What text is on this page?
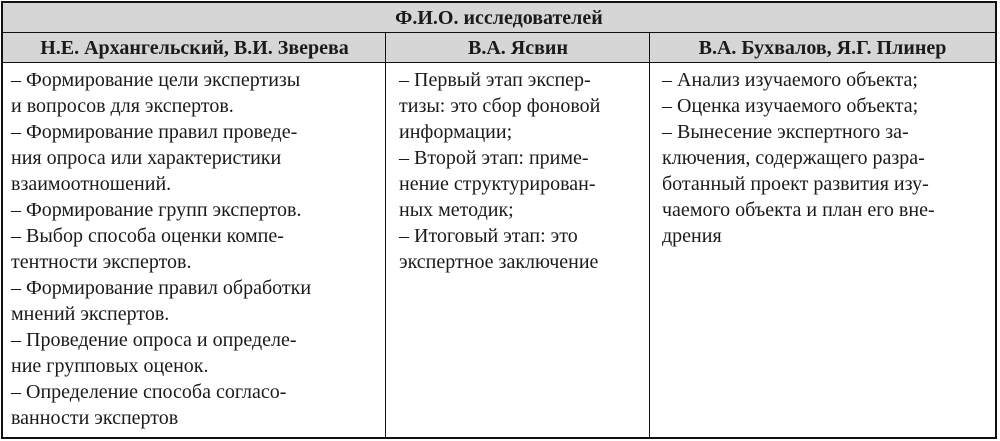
Ф.И.О. исследователей
Н.Е. Архангельский, В.И. Зверева	В.А. Ясвин	В.А. Бухвалов, Я.Г. Плинер
– Формирование цели экспертизы
и вопросов для экспертов.
– Формирование правил проведе-
ния опроса или характеристики
взаимоотношений.
– Формирование групп экспертов.
– Выбор способа оценки компе-
тентности экспертов.
– Формирование правил обработки
мнений экспертов.
– Проведение опроса и определе-
ние групповых оценок.
– Определение способа согласо-
ванности экспертов
– Первый этап экспер-
тизы: это сбор фоновой
информации;
– Второй этап: приме-
нение структурирован-
ных методик;
– Итоговый этап: это
экспертное заключение
– Анализ изучаемого объекта;
– Оценка изучаемого объекта;
– Вынесение экспертного за-
ключения, содержащего разра-
ботанный проект развития изу-
чаемого объекта и план его вне-
дрения
